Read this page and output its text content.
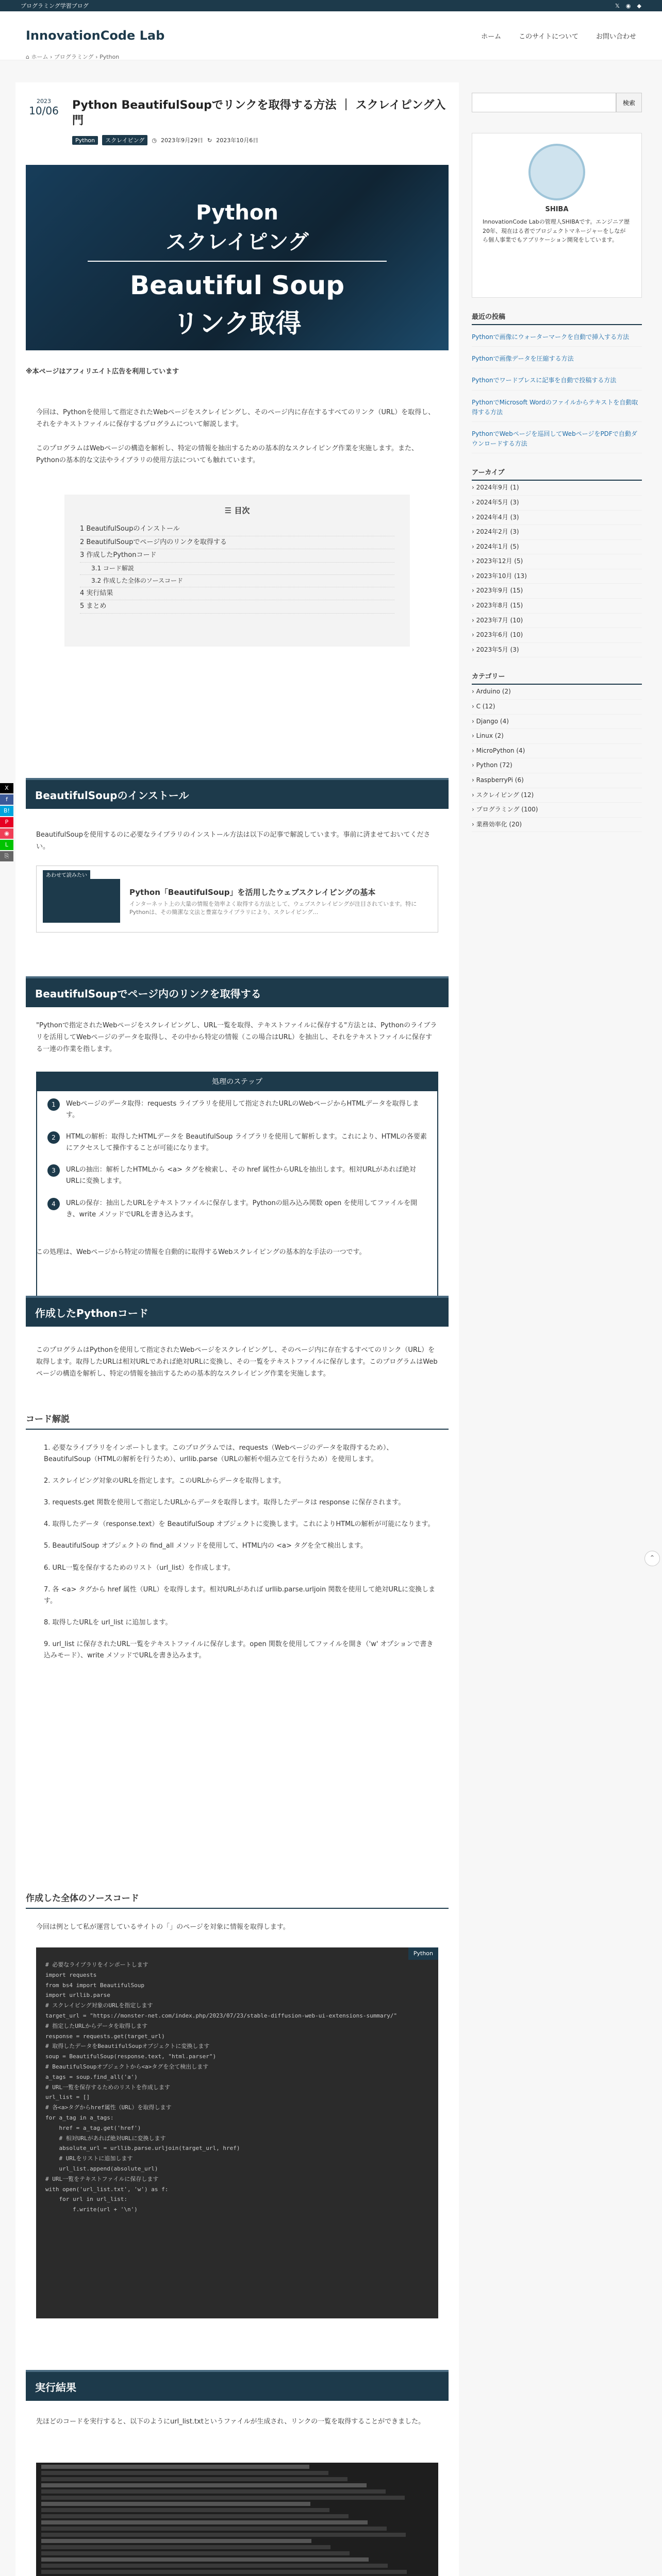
プログラミング学習ブログ	𝕏 ◉ ◆
InnovationCode Lab	ホーム	このサイトについて	お問い合わせ
⌂ ホーム › プログラミング › Python
X
f
B!
P
◉
L
⎘
2023
10/06 Python BeautifulSoupでリンクを取得する方法 ｜ スクレイピング入門
Python	スクレイピング	◷ 2023年9月29日 ↻ 2023年10月6日
Python
スクレイピング
Beautiful Soup
リンク取得
※本ページはアフィリエイト広告を利用しています

今回は、Pythonを使用して指定されたWebページをスクレイピングし、そのページ内に存在するすべてのリンク（URL）を取得し、それをテキストファイルに保存するプログラムについて解説します。

このプログラムはWebページの構造を解析し、特定の情報を抽出するための基本的なスクレイピング作業を実施します。また、Pythonの基本的な文法やライブラリの使用方法についても触れています。

☰ 目次
1 BeautifulSoupのインストール
2 BeautifulSoupでページ内のリンクを取得する
3 作成したPythonコード
3.1 コード解説
3.2 作成した全体のソースコード
4 実行結果
5 まとめ
BeautifulSoupのインストール

BeautifulSoupを使用するのに必要なライブラリのインストール方法は以下の記事で解説しています。事前に済ませておいてください。

あわせて読みたい
Python「BeautifulSoup」を活用したウェブスクレイピングの基本
インターネット上の大量の情報を効率よく取得する方法として、ウェブスクレイピングが注目されています。特にPythonは、その簡潔な文法と豊富なライブラリにより、スクレイピング...
BeautifulSoupでページ内のリンクを取得する

"Pythonで指定されたWebページをスクレイピングし、URL一覧を取得、テキストファイルに保存する"方法とは、Pythonのライブラリを活用してWebページのデータを取得し、その中から特定の情報（この場合はURL）を抽出し、それをテキストファイルに保存する一連の作業を指します。

処理のステップ
1	Webページのデータ取得：requests ライブラリを使用して指定されたURLのWebページからHTMLデータを取得します。
2	HTMLの解析：取得したHTMLデータを BeautifulSoup ライブラリを使用して解析します。これにより、HTMLの各要素にアクセスして操作することが可能になります。
3	URLの抽出：解析したHTMLから <a> タグを検索し、その href 属性からURLを抽出します。相対URLがあれば絶対URLに変換します。
4	URLの保存：抽出したURLをテキストファイルに保存します。Pythonの組み込み関数 open を使用してファイルを開き、write メソッドでURLを書き込みます。

この処理は、Webページから特定の情報を自動的に取得するWebスクレイピングの基本的な手法の一つです。

作成したPythonコード

このプログラムはPythonを使用して指定されたWebページをスクレイピングし、そのページ内に存在するすべてのリンク（URL）を取得します。取得したURLは相対URLであれば絶対URLに変換し、その一覧をテキストファイルに保存します。このプログラムはWebページの構造を解析し、特定の情報を抽出するための基本的なスクレイピング作業を実施します。

コード解説
1. 必要なライブラリをインポートします。このプログラムでは、requests（Webページのデータを取得するため）、BeautifulSoup（HTMLの解析を行うため）、urllib.parse（URLの解析や組み立てを行うため）を使用します。
2. スクレイピング対象のURLを指定します。このURLからデータを取得します。
3. requests.get 関数を使用して指定したURLからデータを取得します。取得したデータは response に保存されます。
4. 取得したデータ（response.text）を BeautifulSoup オブジェクトに変換します。これによりHTMLの解析が可能になります。
5. BeautifulSoup オブジェクトの find_all メソッドを使用して、HTML内の <a> タグを全て検出します。
6. URL一覧を保存するためのリスト（url_list）を作成します。
7. 各 <a> タグから href 属性（URL）を取得します。相対URLがあれば urllib.parse.urljoin 関数を使用して絶対URLに変換します。
8. 取得したURLを url_list に追加します。
9. url_list に保存されたURL一覧をテキストファイルに保存します。open 関数を使用してファイルを開き（'w' オプションで書き込みモード）、write メソッドでURLを書き込みます。
作成した全体のソースコード

今回は例として私が運営しているサイトの「」のページを対象に情報を取得します。

Python
# 必要なライブラリをインポートします
import requests
from bs4 import BeautifulSoup
import urllib.parse
# スクレイピング対象のURLを指定します
target_url = "https://monster-net.com/index.php/2023/07/23/stable-diffusion-web-ui-extensions-summary/"
# 指定したURLからデータを取得します
response = requests.get(target_url)
# 取得したデータをBeautifulSoupオブジェクトに変換します
soup = BeautifulSoup(response.text, "html.parser")
# BeautifulSoupオブジェクトから<a>タグを全て検出します
a_tags = soup.find_all('a')
# URL一覧を保存するためのリストを作成します
url_list = []
# 各<a>タグからhref属性（URL）を取得します
for a_tag in a_tags:
href = a_tag.get('href')
# 相対URLがあれば絶対URLに変換します
absolute_url = urllib.parse.urljoin(target_url, href)
# URLをリストに追加します
url_list.append(absolute_url)
# URL一覧をテキストファイルに保存します
with open('url_list.txt', 'w') as f:
for url in url_list:
f.write(url + '\n')
実行結果

先ほどのコードを実行すると、以下のようにurl_list.txtというファイルが生成され、リンクの一覧を取得することができました。

検索
SHIBA
InnovationCode Labの管理人SHIBAです。エンジニア歴20年、現在はる者でプロジェクトマネージャーをしながら個人事業でもアプリケーション開発をしています。
最近の投稿
Pythonで画像にウォーターマークを自動で挿入する方法
Pythonで画像データを圧縮する方法
Pythonでワードプレスに記事を自動で投稿する方法
PythonでMicrosoft Wordのファイルからテキストを自動取得する方法
PythonでWebページを巡回してWebページをPDFで自動ダウンロードする方法
アーカイブ
› 2024年9月 (1)
› 2024年5月 (3)
› 2024年4月 (3)
› 2024年2月 (3)
› 2024年1月 (5)
› 2023年12月 (5)
› 2023年10月 (13)
› 2023年9月 (15)
› 2023年8月 (15)
› 2023年7月 (10)
› 2023年6月 (10)
› 2023年5月 (3)
カテゴリー
› Arduino (2)
› C (12)
› Django (4)
› Linux (2)
› MicroPython (4)
› Python (72)
› RaspberryPi (6)
› スクレイピング (12)
› プログラミング (100)
› 業務効率化 (20)
⌃
